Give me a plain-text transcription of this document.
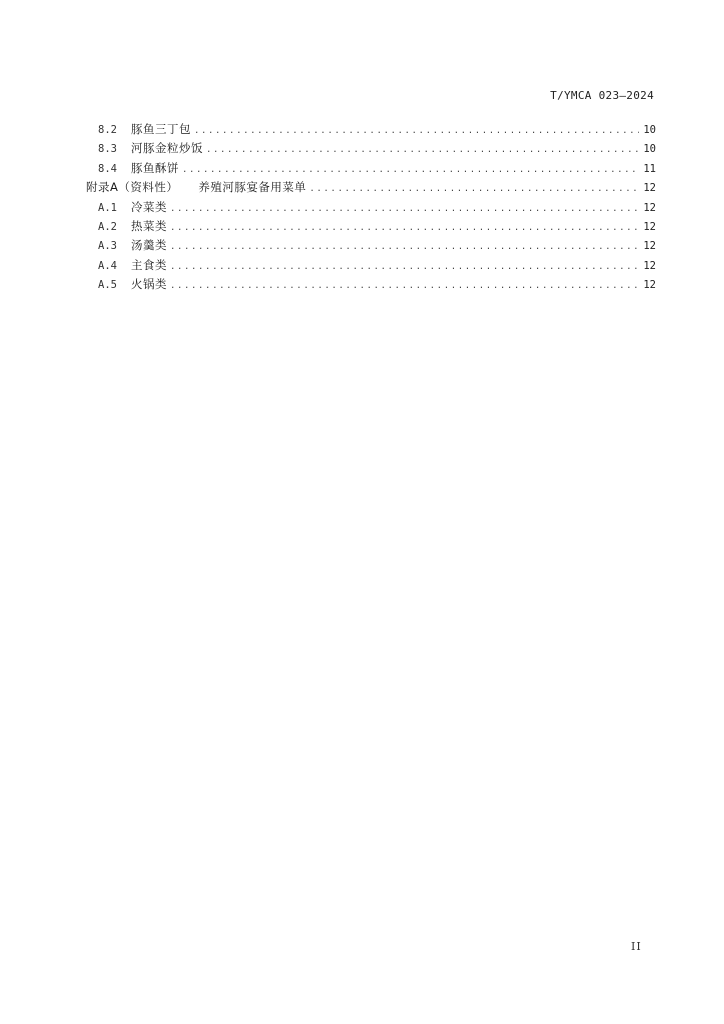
T/YMCA 023—2024
8.2 豚鱼三丁包 .....	10
8.3 河豚金粒炒饭 .....	10
8.4 豚鱼酥饼 .....	11
附录A（资料性） 养殖河豚宴备用菜单 .....	12
A.1 冷菜类 .....	12
A.2 热菜类 .....	12
A.3 汤羹类 .....	12
A.4 主食类 .....	12
A.5 火锅类 .....	12
II
